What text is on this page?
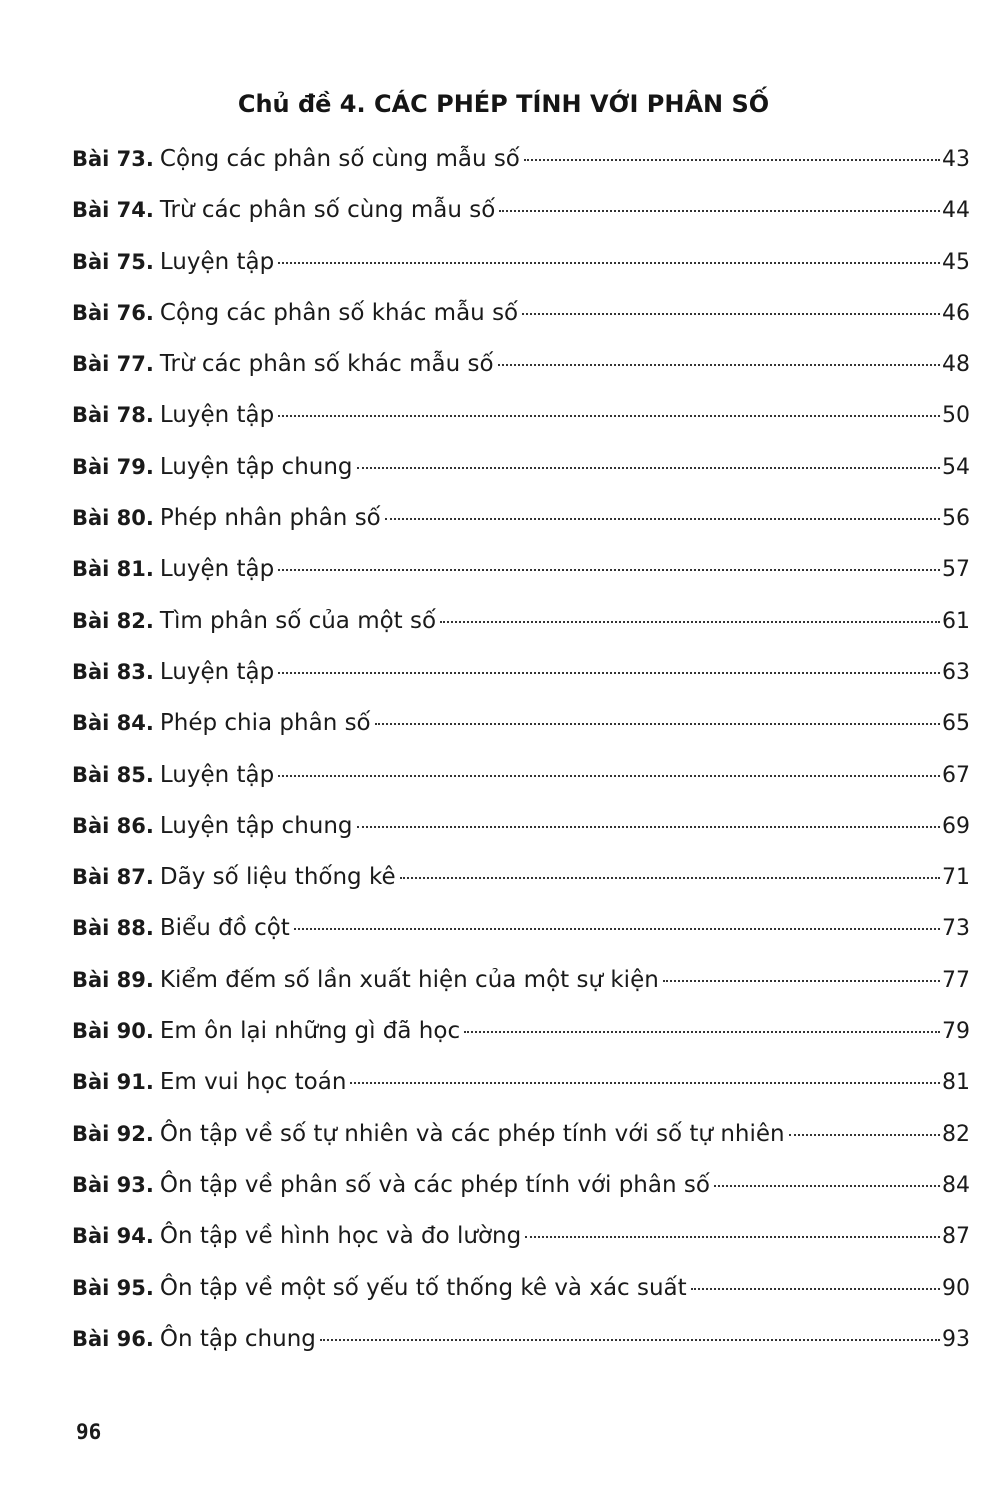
Chủ đề 4. CÁC PHÉP TÍNH VỚI PHÂN SỐ
Bài 73. Cộng các phân số cùng mẫu số	43
Bài 74. Trừ các phân số cùng mẫu số	44
Bài 75. Luyện tập	45
Bài 76. Cộng các phân số khác mẫu số	46
Bài 77. Trừ các phân số khác mẫu số	48
Bài 78. Luyện tập	50
Bài 79. Luyện tập chung	54
Bài 80. Phép nhân phân số	56
Bài 81. Luyện tập	57
Bài 82. Tìm phân số của một số	61
Bài 83. Luyện tập	63
Bài 84. Phép chia phân số	65
Bài 85. Luyện tập	67
Bài 86. Luyện tập chung	69
Bài 87. Dãy số liệu thống kê	71
Bài 88. Biểu đồ cột	73
Bài 89. Kiểm đếm số lần xuất hiện của một sự kiện	77
Bài 90. Em ôn lại những gì đã học	79
Bài 91. Em vui học toán	81
Bài 92. Ôn tập về số tự nhiên và các phép tính với số tự nhiên	82
Bài 93. Ôn tập về phân số và các phép tính với phân số	84
Bài 94. Ôn tập về hình học và đo lường	87
Bài 95. Ôn tập về một số yếu tố thống kê và xác suất	90
Bài 96. Ôn tập chung	93
96
